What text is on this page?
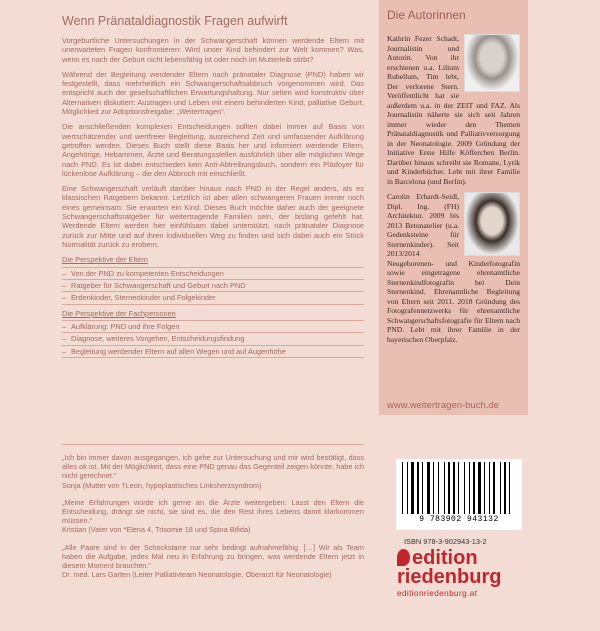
Wenn Pränataldiagnostik Fragen aufwirft

Vorgeburtliche Untersuchungen in der Schwangerschaft können werdende Eltern mit unerwarteten Fragen konfrontieren: Wird unser Kind behindert zur Welt kommen? Was, wenn es nach der Geburt nicht lebensfähig ist oder noch im Mutterleib stirbt?

Während der Begleitung werdender Eltern nach pränataler Diagnose (PND) haben wir festgestellt, dass mehrheitlich ein Schwangerschaftsabbruch vorgenommen wird. Das entspricht auch der gesellschaftlichen Erwartungshaltung. Nur selten wird konstruktiv über Alternativen diskutiert: Austragen und Leben mit einem behinderten Kind, palliative Geburt, Möglichkeit zur Adoptionsfreigabe: „Weitertragen“.

Die anschließenden komplexen Entscheidungen sollten dabei immer auf Basis von wertschätzender und wertfreier Begleitung, ausreichend Zeit und umfassender Aufklärung getroffen werden. Dieses Buch stellt diese Basis her und informiert werdende Eltern, Angehörige, Hebammen, Ärzte und Beratungsstellen ausführlich über alle möglichen Wege nach PND. Es ist dabei entschieden kein Anti-Abtreibungsbuch, sondern ein Plädoyer für lückenlose Aufklärung – die den Abbruch mit einschließt.

Eine Schwangerschaft verläuft darüber hinaus nach PND in der Regel anders, als es klassischen Ratgebern bekannt. Letztlich ist aber allen schwangeren Frauen immer noch eines gemeinsam: Sie erwarten ein Kind. Dieses Buch möchte daher auch der geeignete Schwangerschaftsratgeber für weitertragende Familien sein, der bislang gefehlt hat. Werdende Eltern werden hier einfühlsam dabei unterstützt, nach pränataler Diagnose zurück zur Mitte und auf ihren individuellen Weg zu finden und sich dabei auch ein Stück Normalität zurück zu erobern.

Die Perspektive der Eltern
– Von der PND zu kompetenten Entscheidungen
– Ratgeber für Schwangerschaft und Geburt nach PND
– Erdenkinder, Sternenkinder und Folgekinder
Die Perspektive der Fachpersonen
– Aufklärung: PND und ihre Folgen
– Diagnose, weiteres Vorgehen, Entscheidungsfindung
– Begleitung werdender Eltern auf allen Wegen und auf Augenhöhe
Die Autorinnen
Kathrin Fezer Schadt, Journalistin und Autorin. Von ihr erschienen u.a. Lilium Rubellum, Tim lebt, Der verlorene Stern. Veröffentlicht hat sie außerdem u.a. in der ZEIT und FAZ. Als Journalistin näherte sie sich seit Jahren immer wieder den Themen Pränataldiagnostik und Palliativversorgung in der Neonatologie. 2009 Gründung der Initiative Erste Hilfe Köfferchen Berlin. Darüber hinaus schreibt sie Romane, Lyrik und Kinderbücher. Lebt mit ihrer Familie in Barcelona (und Berlin).
Carolin Erhardt-Seidl, Dipl. Ing. (FH) Architektur. 2009 bis 2013 Betonatelier (u.a. Gedenksteine für Sternenkinder). Seit 2013/2014 Neugeborenen- und Kinderfotografin sowie eingetragene ehrenamtliche Sternenkindfotografin bei Dein Sternenkind. Ehrenamtliche Begleitung von Eltern seit 2011. 2018 Gründung des Fotografennetzwerks für ehrenamtliche Schwangerschaftsfotografie für Eltern nach PND. Lebt mit ihrer Familie in der bayerischen Oberpfalz.
www.weitertragen-buch.de
„Ich bin immer davon ausgegangen, ich gehe zur Untersuchung und mir wird bestätigt, dass alles ok ist. Mit der Möglichkeit, dass eine PND genau das Gegenteil zeigen könnte, habe ich nicht gerechnet.“
Sonja (Mutter von †Leon, hypoplastisches Linksherzsyndrom)
„Meine Erfahrungen würde ich gerne an die Ärzte weitergeben: Lasst den Eltern die Entscheidung, drängt sie nicht, sie sind es, die den Rest ihres Lebens damit klarkommen müssen.“
Kristian (Vater von *Elena 4, Trisomie 18 und Spina Bifida)
„Alle Paare sind in der Schockstarre nur sehr bedingt aufnahmefähig. […] Wir als Team haben die Aufgabe, jedes Mal neu in Erfahrung zu bringen, was werdende Eltern jetzt in diesem Moment brauchen.“
Dr. med. Lars Garten (Leiter Palliativteam Neonatologie, Oberarzt für Neonatologie)
9 783902 943132
ISBN 978-3-902943-13-2
edition
riedenburg
editionriedenburg.at
